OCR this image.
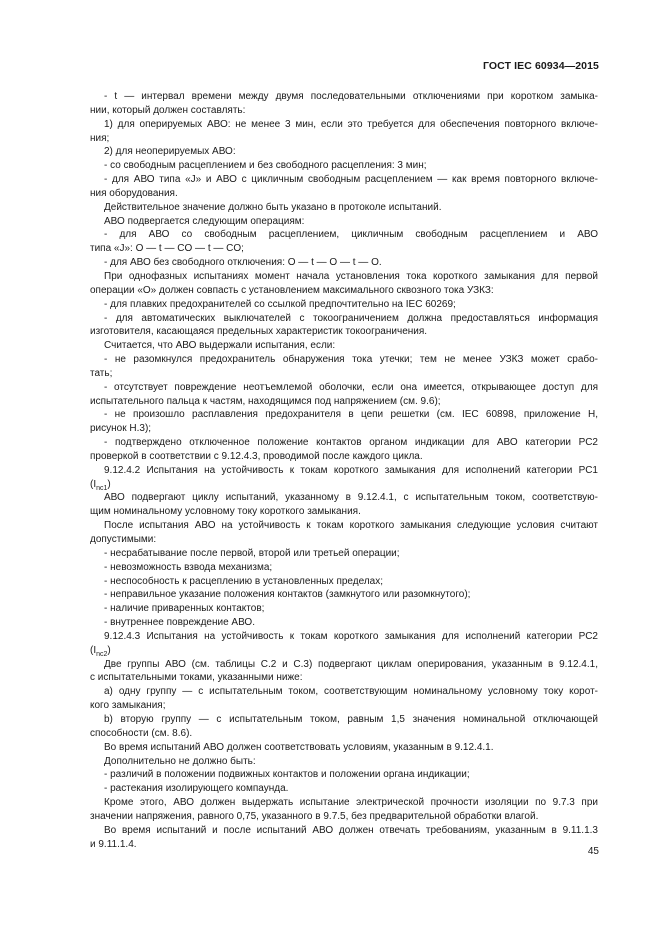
ГОСТ IEC 60934—2015
- t — интервал времени между двумя последовательными отключениями при коротком замыка-
нии, который должен составлять:
1) для оперируемых АВО: не менее 3 мин, если это требуется для обеспечения повторного включе-
ния;
2) для неоперируемых АВО:
- со свободным расцеплением и без свободного расцепления: 3 мин;
- для АВО типа «J» и АВО с цикличным свободным расцеплением — как время повторного включе-
ния оборудования.
Действительное значение должно быть указано в протоколе испытаний.
АВО подвергается следующим операциям:
- для АВО со свободным расцеплением, цикличным свободным расцеплением и АВО
типа «J»: O — t — CO — t — CO;
- для АВО без свободного отключения: O — t — O — t — O.
При однофазных испытаниях момент начала установления тока короткого замыкания для первой
операции «O» должен совпасть с установлением максимального сквозного тока УЗКЗ:
- для плавких предохранителей со ссылкой предпочтительно на IEC 60269;
- для автоматических выключателей с токоограничением должна предоставляться информация
изготовителя, касающаяся предельных характеристик токоограничения.
Считается, что АВО выдержали испытания, если:
- не разомкнулся предохранитель обнаружения тока утечки; тем не менее УЗКЗ может срабо-
тать;
- отсутствует повреждение неотъемлемой оболочки, если она имеется, открывающее доступ для
испытательного пальца к частям, находящимся под напряжением (см. 9.6);
- не произошло расплавления предохранителя в цепи решетки (см. IEC 60898, приложение Н,
рисунок Н.3);
- подтверждено отключенное положение контактов органом индикации для АВО категории РС2
проверкой в соответствии с 9.12.4.3, проводимой после каждого цикла.
9.12.4.2 Испытания на устойчивость к токам короткого замыкания для исполнений категории РС1
$(I_{nc1})$
АВО подвергают циклу испытаний, указанному в 9.12.4.1, с испытательным током, соответствую-
щим номинальному условному току короткого замыкания.
После испытания АВО на устойчивость к токам короткого замыкания следующие условия считают
допустимыми:
- несрабатывание после первой, второй или третьей операции;
- невозможность взвода механизма;
- неспособность к расцеплению в установленных пределах;
- неправильное указание положения контактов (замкнутого или разомкнутого);
- наличие приваренных контактов;
- внутреннее повреждение АВО.
9.12.4.3 Испытания на устойчивость к токам короткого замыкания для исполнений категории РС2
$(I_{nc2})$
Две группы АВО (см. таблицы С.2 и С.3) подвергают циклам оперирования, указанным в 9.12.4.1,
с испытательными токами, указанными ниже:
a) одну группу — с испытательным током, соответствующим номинальному условному току корот-
кого замыкания;
b) вторую группу — с испытательным током, равным 1,5 значения номинальной отключающей
способности (см. 8.6).
Во время испытаний АВО должен соответствовать условиям, указанным в 9.12.4.1.
Дополнительно не должно быть:
- различий в положении подвижных контактов и положении органа индикации;
- растекания изолирующего компаунда.
Кроме этого, АВО должен выдержать испытание электрической прочности изоляции по 9.7.3 при
значении напряжения, равного 0,75, указанного в 9.7.5, без предварительной обработки влагой.
Во время испытаний и после испытаний АВО должен отвечать требованиям, указанным в 9.11.1.3
и 9.11.1.4.
45
